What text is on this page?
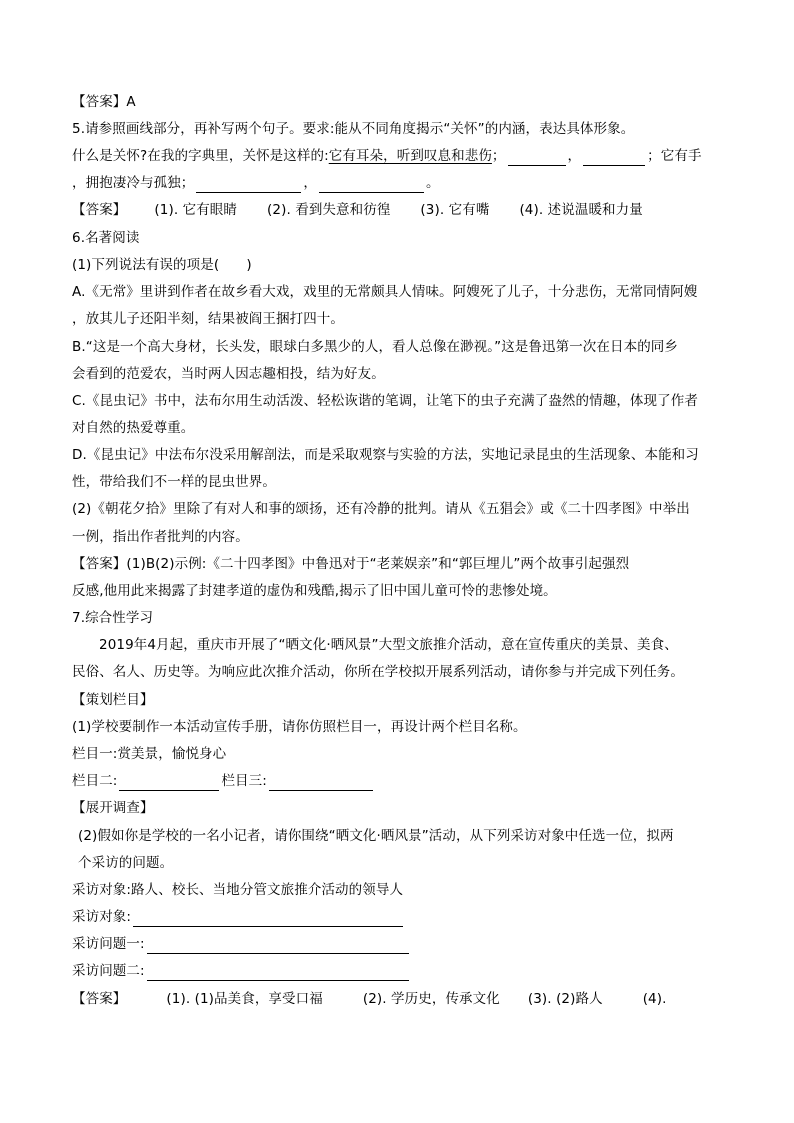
【答案】A
5.请参照画线部分，再补写两个句子。要求:能从不同角度揭示“关怀”的内涵，表达具体形象。
什么是关怀?在我的字典里，关怀是这样的:它有耳朵，听到叹息和悲伤；	，	；它有手
，拥抱凄冷与孤独；	，	。
【答案】 (1). 它有眼睛 (2). 看到失意和彷徨 (3). 它有嘴 (4). 述说温暖和力量
6.名著阅读
(1)下列说法有误的项是(　　)
A.《无常》里讲到作者在故乡看大戏，戏里的无常颇具人情味。阿嫂死了儿子，十分悲伤，无常同情阿嫂
，放其儿子还阳半刻，结果被阎王捆打四十。
B.“这是一个高大身材，长头发，眼球白多黑少的人，看人总像在渺视。”这是鲁迅第一次在日本的同乡
会看到的范爱农，当时两人因志趣相投，结为好友。
C.《昆虫记》书中，法布尔用生动活泼、轻松诙谐的笔调，让笔下的虫子充满了盎然的情趣，体现了作者
对自然的热爱尊重。
D.《昆虫记》中法布尔没采用解剖法，而是采取观察与实验的方法，实地记录昆虫的生活现象、本能和习
性，带给我们不一样的昆虫世界。
(2)《朝花夕拾》里除了有对人和事的颂扬，还有冷静的批判。请从《五猖会》或《二十四孝图》中举出
一例，指出作者批判的内容。
【答案】(1)B(2)示例:《二十四孝图》中鲁迅对于“老莱娱亲”和“郭巨埋儿”两个故事引起强烈
反感,他用此来揭露了封建孝道的虚伪和残酷,揭示了旧中国儿童可怜的悲惨处境。
7.综合性学习
2019年4月起，重庆市开展了“晒文化·晒风景”大型文旅推介活动，意在宣传重庆的美景、美食、
民俗、名人、历史等。为响应此次推介活动，你所在学校拟开展系列活动，请你参与并完成下列任务。
【策划栏目】
(1)学校要制作一本活动宣传手册，请你仿照栏目一，再设计两个栏目名称。
栏目一:赏美景，愉悦身心
栏目二:	栏目三:
【展开调查】
(2)假如你是学校的一名小记者，请你围绕“晒文化·晒风景”活动，从下列采访对象中任选一位，拟两
个采访的问题。
采访对象:路人、校长、当地分管文旅推介活动的领导人
采访对象:
采访问题一:
采访问题二:
【答案】	(1). (1)品美食，享受口福	(2). 学历史，传承文化 (3). (2)路人	(4).
